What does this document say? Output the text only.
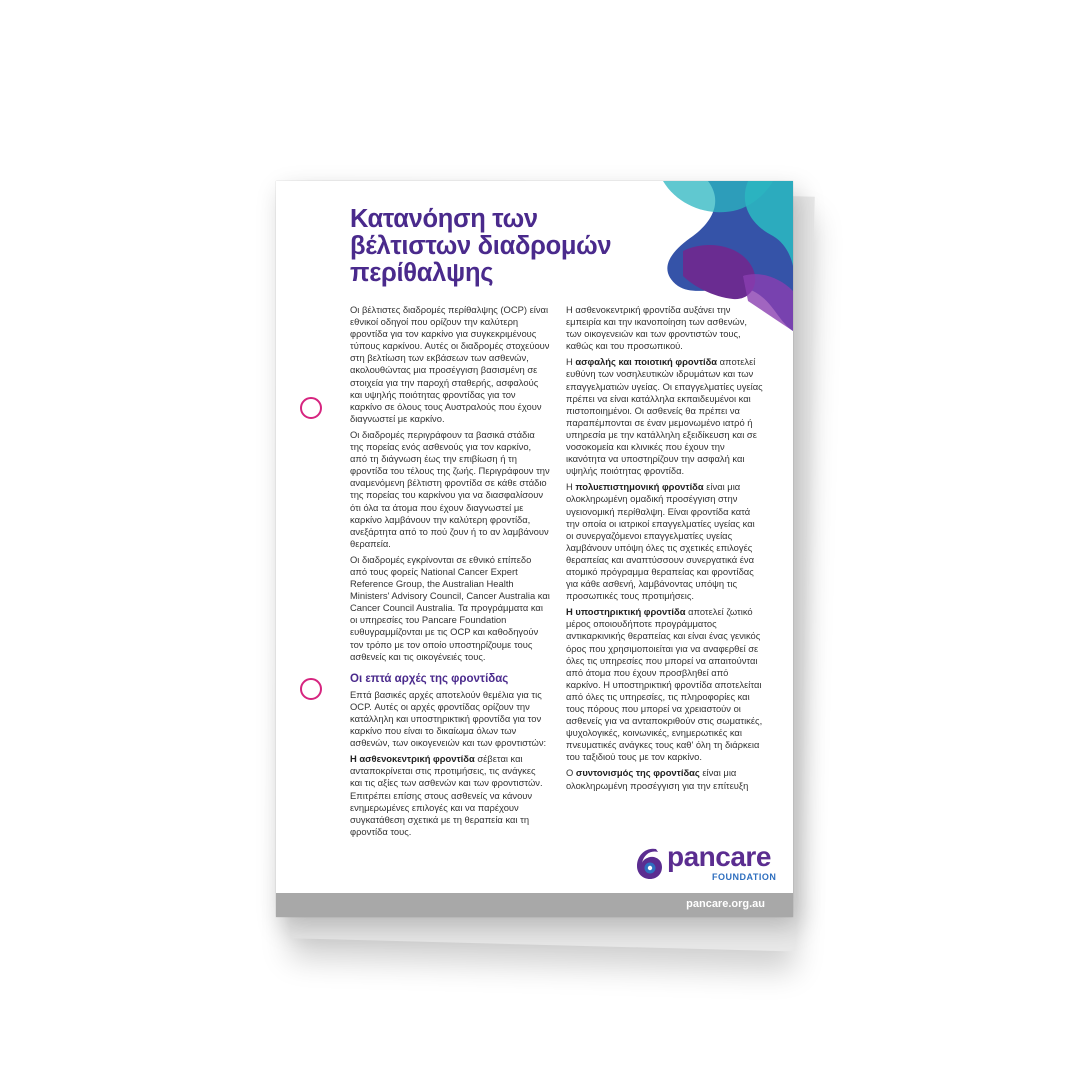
Κατανόηση των βέλτιστων διαδρομών περίθαλψης

Οι βέλτιστες διαδρομές περίθαλψης (OCP) είναι εθνικοί οδηγοί που ορίζουν την καλύτερη φροντίδα για τον καρκίνο για συγκεκριμένους τύπους καρκίνου. Αυτές οι διαδρομές στοχεύουν στη βελτίωση των εκβάσεων των ασθενών, ακολουθώντας μια προσέγγιση βασισμένη σε στοιχεία για την παροχή σταθερής, ασφαλούς και υψηλής ποιότητας φροντίδας για τον καρκίνο σε όλους τους Αυστραλούς που έχουν διαγνωστεί με καρκίνο.

Οι διαδρομές περιγράφουν τα βασικά στάδια της πορείας ενός ασθενούς για τον καρκίνο, από τη διάγνωση έως την επιβίωση ή τη φροντίδα του τέλους της ζωής. Περιγράφουν την αναμενόμενη βέλτιστη φροντίδα σε κάθε στάδιο της πορείας του καρκίνου για να διασφαλίσουν ότι όλα τα άτομα που έχουν διαγνωστεί με καρκίνο λαμβάνουν την καλύτερη φροντίδα, ανεξάρτητα από το πού ζουν ή το αν λαμβάνουν θεραπεία.

Οι διαδρομές εγκρίνονται σε εθνικό επίπεδο από τους φορείς National Cancer Expert Reference Group, the Australian Health Ministers' Advisory Council, Cancer Australia και Cancer Council Australia. Τα προγράμματα και οι υπηρεσίες του Pancare Foundation ευθυγραμμίζονται με τις OCP και καθοδηγούν τον τρόπο με τον οποίο υποστηρίζουμε τους ασθενείς και τις οικογένειές τους.

Οι επτά αρχές της φροντίδας

Επτά βασικές αρχές αποτελούν θεμέλια για τις OCP. Αυτές οι αρχές φροντίδας ορίζουν την κατάλληλη και υποστηρικτική φροντίδα για τον καρκίνο που είναι το δικαίωμα όλων των ασθενών, των οικογενειών και των φροντιστών:

Η ασθενοκεντρική φροντίδα σέβεται και ανταποκρίνεται στις προτιμήσεις, τις ανάγκες και τις αξίες των ασθενών και των φροντιστών. Επιτρέπει επίσης στους ασθενείς να κάνουν ενημερωμένες επιλογές και να παρέχουν συγκατάθεση σχετικά με τη θεραπεία και τη φροντίδα τους.

Η ασθενοκεντρική φροντίδα αυξάνει την εμπειρία και την ικανοποίηση των ασθενών, των οικογενειών και των φροντιστών τους, καθώς και του προσωπικού.

Η ασφαλής και ποιοτική φροντίδα αποτελεί ευθύνη των νοσηλευτικών ιδρυμάτων και των επαγγελματιών υγείας. Οι επαγγελματίες υγείας πρέπει να είναι κατάλληλα εκπαιδευμένοι και πιστοποιημένοι. Οι ασθενείς θα πρέπει να παραπέμπονται σε έναν μεμονωμένο ιατρό ή υπηρεσία με την κατάλληλη εξειδίκευση και σε νοσοκομεία και κλινικές που έχουν την ικανότητα να υποστηρίζουν την ασφαλή και υψηλής ποιότητας φροντίδα.

Η πολυεπιστημονική φροντίδα είναι μια ολοκληρωμένη ομαδική προσέγγιση στην υγειονομική περίθαλψη. Είναι φροντίδα κατά την οποία οι ιατρικοί επαγγελματίες υγείας και οι συνεργαζόμενοι επαγγελματίες υγείας λαμβάνουν υπόψη όλες τις σχετικές επιλογές θεραπείας και αναπτύσσουν συνεργατικά ένα ατομικό πρόγραμμα θεραπείας και φροντίδας για κάθε ασθενή, λαμβάνοντας υπόψη τις προσωπικές τους προτιμήσεις.

Η υποστηρικτική φροντίδα αποτελεί ζωτικό μέρος οποιουδήποτε προγράμματος αντικαρκινικής θεραπείας και είναι ένας γενικός όρος που χρησιμοποιείται για να αναφερθεί σε όλες τις υπηρεσίες που μπορεί να απαιτούνται από άτομα που έχουν προσβληθεί από καρκίνο. Η υποστηρικτική φροντίδα αποτελείται από όλες τις υπηρεσίες, τις πληροφορίες και τους πόρους που μπορεί να χρειαστούν οι ασθενείς για να ανταποκριθούν στις σωματικές, ψυχολογικές, κοινωνικές, ενημερωτικές και πνευματικές ανάγκες τους καθ' όλη τη διάρκεια του ταξιδιού τους με τον καρκίνο.

Ο συντονισμός της φροντίδας είναι μια ολοκληρωμένη προσέγγιση για την επίτευξη

pancare
FOUNDATION
pancare.org.au
